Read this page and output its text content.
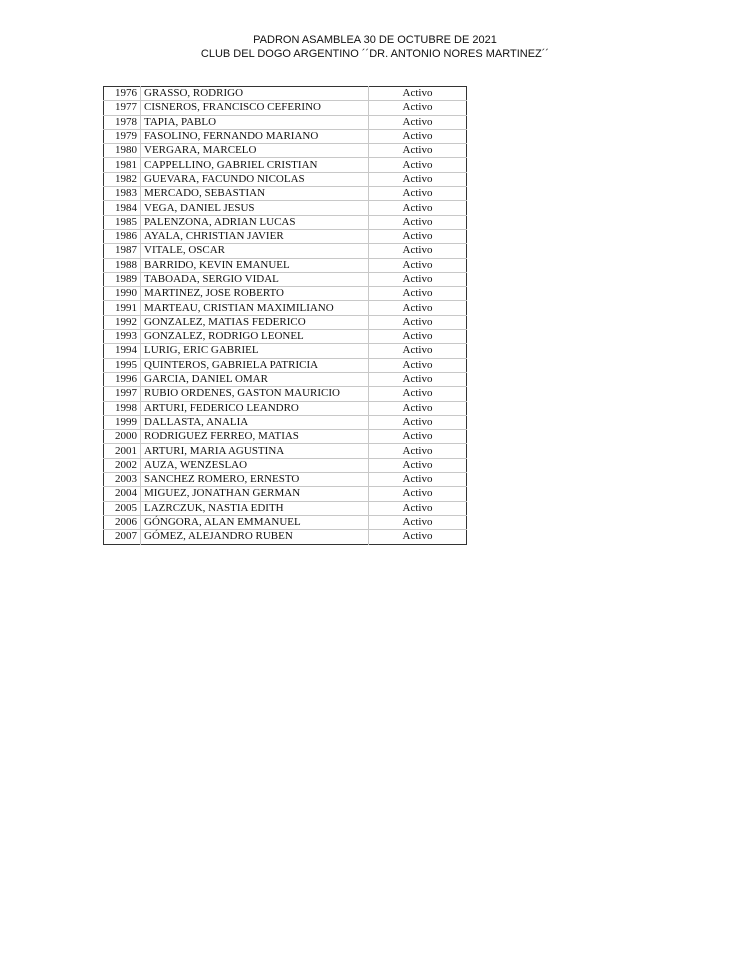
PADRON ASAMBLEA 30 DE OCTUBRE DE 2021
CLUB DEL DOGO ARGENTINO ´´DR. ANTONIO NORES MARTINEZ´´
1976	GRASSO, RODRIGO	Activo
1977	CISNEROS, FRANCISCO CEFERINO	Activo
1978	TAPIA, PABLO	Activo
1979	FASOLINO, FERNANDO MARIANO	Activo
1980	VERGARA, MARCELO	Activo
1981	CAPPELLINO, GABRIEL CRISTIAN	Activo
1982	GUEVARA, FACUNDO NICOLAS	Activo
1983	MERCADO, SEBASTIAN	Activo
1984	VEGA, DANIEL JESUS	Activo
1985	PALENZONA, ADRIAN LUCAS	Activo
1986	AYALA, CHRISTIAN JAVIER	Activo
1987	VITALE, OSCAR	Activo
1988	BARRIDO, KEVIN EMANUEL	Activo
1989	TABOADA, SERGIO VIDAL	Activo
1990	MARTINEZ, JOSE ROBERTO	Activo
1991	MARTEAU, CRISTIAN MAXIMILIANO	Activo
1992	GONZALEZ, MATIAS FEDERICO	Activo
1993	GONZALEZ, RODRIGO LEONEL	Activo
1994	LURIG, ERIC GABRIEL	Activo
1995	QUINTEROS, GABRIELA PATRICIA	Activo
1996	GARCIA, DANIEL OMAR	Activo
1997	RUBIO ORDENES, GASTON MAURICIO	Activo
1998	ARTURI, FEDERICO LEANDRO	Activo
1999	DALLASTA, ANALIA	Activo
2000	RODRIGUEZ FERREO, MATIAS	Activo
2001	ARTURI, MARIA AGUSTINA	Activo
2002	AUZA, WENZESLAO	Activo
2003	SANCHEZ ROMERO, ERNESTO	Activo
2004	MIGUEZ, JONATHAN GERMAN	Activo
2005	LAZRCZUK, NASTIA EDITH	Activo
2006	GÓNGORA, ALAN EMMANUEL	Activo
2007	GÓMEZ, ALEJANDRO RUBEN	Activo
